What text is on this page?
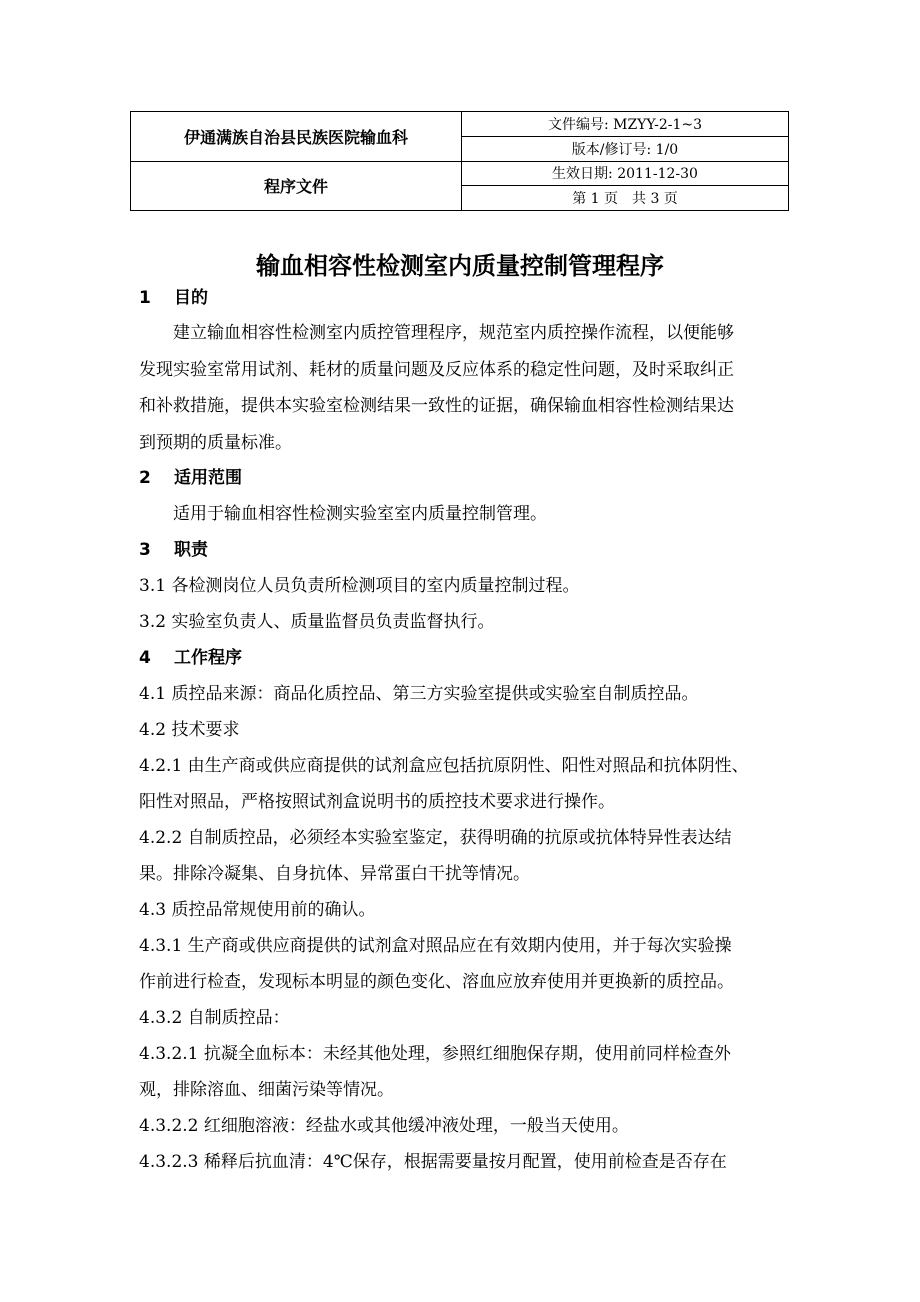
伊通满族自治县民族医院输血科
程序文件
文件编号: MZYY-2-1~3
版本/修订号: 1/0
生效日期: 2011-12-30
第 1 页　共 3 页
输血相容性检测室内质量控制管理程序
1 目的
建立输血相容性检测室内质控管理程序，规范室内质控操作流程，以便能够
发现实验室常用试剂、耗材的质量问题及反应体系的稳定性问题，及时采取纠正
和补救措施，提供本实验室检测结果一致性的证据，确保输血相容性检测结果达
到预期的质量标准。
2 适用范围
适用于输血相容性检测实验室室内质量控制管理。
3 职责
3.1 各检测岗位人员负责所检测项目的室内质量控制过程。
3.2 实验室负责人、质量监督员负责监督执行。
4 工作程序
4.1 质控品来源：商品化质控品、第三方实验室提供或实验室自制质控品。
4.2 技术要求
4.2.1 由生产商或供应商提供的试剂盒应包括抗原阴性、阳性对照品和抗体阴性、
阳性对照品，严格按照试剂盒说明书的质控技术要求进行操作。
4.2.2 自制质控品，必须经本实验室鉴定，获得明确的抗原或抗体特异性表达结
果。排除冷凝集、自身抗体、异常蛋白干扰等情况。
4.3 质控品常规使用前的确认。
4.3.1 生产商或供应商提供的试剂盒对照品应在有效期内使用，并于每次实验操
作前进行检查，发现标本明显的颜色变化、溶血应放弃使用并更换新的质控品。
4.3.2 自制质控品：
4.3.2.1 抗凝全血标本：未经其他处理，参照红细胞保存期，使用前同样检查外
观，排除溶血、细菌污染等情况。
4.3.2.2 红细胞溶液：经盐水或其他缓冲液处理，一般当天使用。
4.3.2.3 稀释后抗血清：4℃保存，根据需要量按月配置，使用前检查是否存在
